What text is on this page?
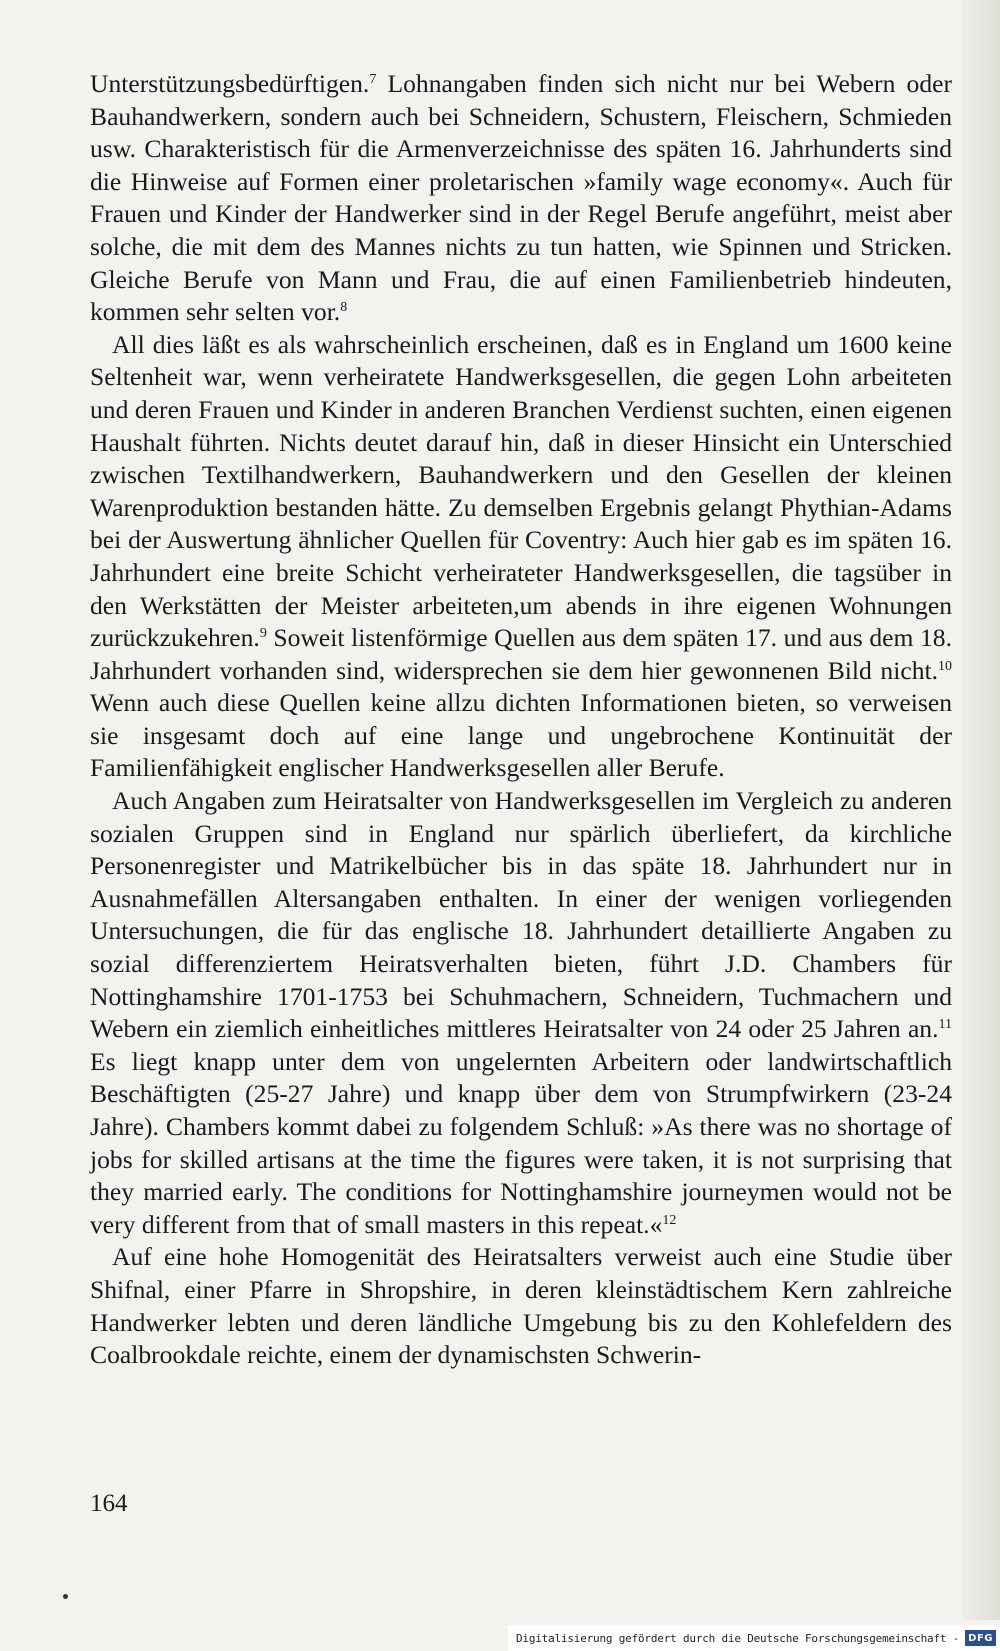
Unterstützungsbedürftigen.$^7$ Lohnangaben finden sich nicht nur bei Webern oder Bauhandwerkern, sondern auch bei Schneidern, Schustern, Fleischern, Schmieden usw. Charakteristisch für die Armenverzeichnisse des späten 16. Jahrhunderts sind die Hinweise auf Formen einer proletarischen »family wage economy«. Auch für Frauen und Kinder der Handwerker sind in der Regel Berufe angeführt, meist aber solche, die mit dem des Mannes nichts zu tun hatten, wie Spinnen und Stricken. Gleiche Berufe von Mann und Frau, die auf einen Familienbetrieb hindeuten, kommen sehr selten vor.$^8$

All dies läßt es als wahrscheinlich erscheinen, daß es in England um 1600 keine Seltenheit war, wenn verheiratete Handwerksgesellen, die gegen Lohn arbeiteten und deren Frauen und Kinder in anderen Branchen Verdienst suchten, einen eigenen Haushalt führten. Nichts deutet darauf hin, daß in dieser Hinsicht ein Unterschied zwischen Textilhandwerkern, Bauhandwerkern und den Gesellen der kleinen Warenproduktion bestanden hätte. Zu demselben Ergebnis gelangt Phythian-Adams bei der Auswertung ähnlicher Quellen für Coventry: Auch hier gab es im späten 16. Jahrhundert eine breite Schicht verheirateter Handwerksgesellen, die tagsüber in den Werkstätten der Meister arbeiteten,um abends in ihre eigenen Wohnungen zurückzukehren.$^9$ Soweit listenförmige Quellen aus dem späten 17. und aus dem 18. Jahrhundert vorhanden sind, widersprechen sie dem hier gewonnenen Bild nicht.$^{10}$ Wenn auch diese Quellen keine allzu dichten Informationen bieten, so verweisen sie insgesamt doch auf eine lange und ungebrochene Kontinuität der Familienfähigkeit englischer Handwerksgesellen aller Berufe.

Auch Angaben zum Heiratsalter von Handwerksgesellen im Vergleich zu anderen sozialen Gruppen sind in England nur spärlich überliefert, da kirchliche Personenregister und Matrikelbücher bis in das späte 18. Jahrhundert nur in Ausnahmefällen Altersangaben enthalten. In einer der wenigen vorliegenden Untersuchungen, die für das englische 18. Jahrhundert detaillierte Angaben zu sozial differenziertem Heiratsverhalten bieten, führt J.D. Chambers für Nottinghamshire 1701-1753 bei Schuhmachern, Schneidern, Tuchmachern und Webern ein ziemlich einheitliches mittleres Heiratsalter von 24 oder 25 Jahren an.$^{11}$ Es liegt knapp unter dem von ungelernten Arbeitern oder landwirtschaftlich Beschäftigten (25-27 Jahre) und knapp über dem von Strumpfwirkern (23-24 Jahre). Chambers kommt dabei zu folgendem Schluß: »As there was no shortage of jobs for skilled artisans at the time the figures were taken, it is not surprising that they married early. The conditions for Nottinghamshire journeymen would not be very different from that of small masters in this repeat.«$^{12}$

Auf eine hohe Homogenität des Heiratsalters verweist auch eine Studie über Shifnal, einer Pfarre in Shropshire, in deren kleinstädtischem Kern zahlreiche Handwerker lebten und deren ländliche Umgebung bis zu den Kohlefeldern des Coalbrookdale reichte, einem der dynamischsten Schwerin-

164
Digitalisierung gefördert durch die Deutsche Forschungsgemeinschaft - DFG
